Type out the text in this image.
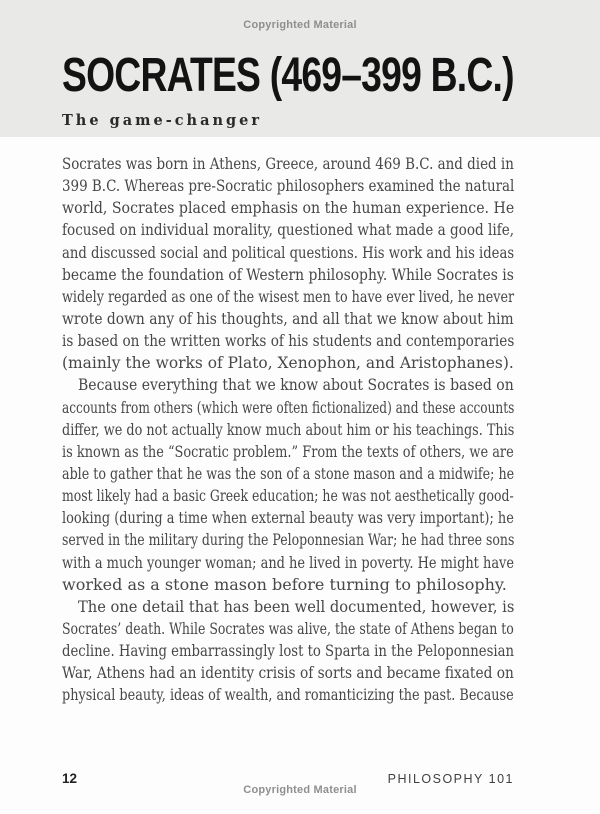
Copyrighted Material
SOCRATES (469–399 B.C.)
The game-changer
Socrates was born in Athens, Greece, around 469 B.C. and died in
399 B.C. Whereas pre-Socratic philosophers examined the natural
world, Socrates placed emphasis on the human experience. He
focused on individual morality, questioned what made a good life,
and discussed social and political questions. His work and his ideas
became the foundation of Western philosophy. While Socrates is
widely regarded as one of the wisest men to have ever lived, he never
wrote down any of his thoughts, and all that we know about him
is based on the written works of his students and contemporaries
(mainly the works of Plato, Xenophon, and Aristophanes).
Because everything that we know about Socrates is based on
accounts from others (which were often fictionalized) and these accounts
differ, we do not actually know much about him or his teachings. This
is known as the “Socratic problem.” From the texts of others, we are
able to gather that he was the son of a stone mason and a midwife; he
most likely had a basic Greek education; he was not aesthetically good-
looking (during a time when external beauty was very important); he
served in the military during the Peloponnesian War; he had three sons
with a much younger woman; and he lived in poverty. He might have
worked as a stone mason before turning to philosophy.
The one detail that has been well documented, however, is
Socrates’ death. While Socrates was alive, the state of Athens began to
decline. Having embarrassingly lost to Sparta in the Peloponnesian
War, Athens had an identity crisis of sorts and became fixated on
physical beauty, ideas of wealth, and romanticizing the past. Because
12	PHILOSOPHY 101
Copyrighted Material
